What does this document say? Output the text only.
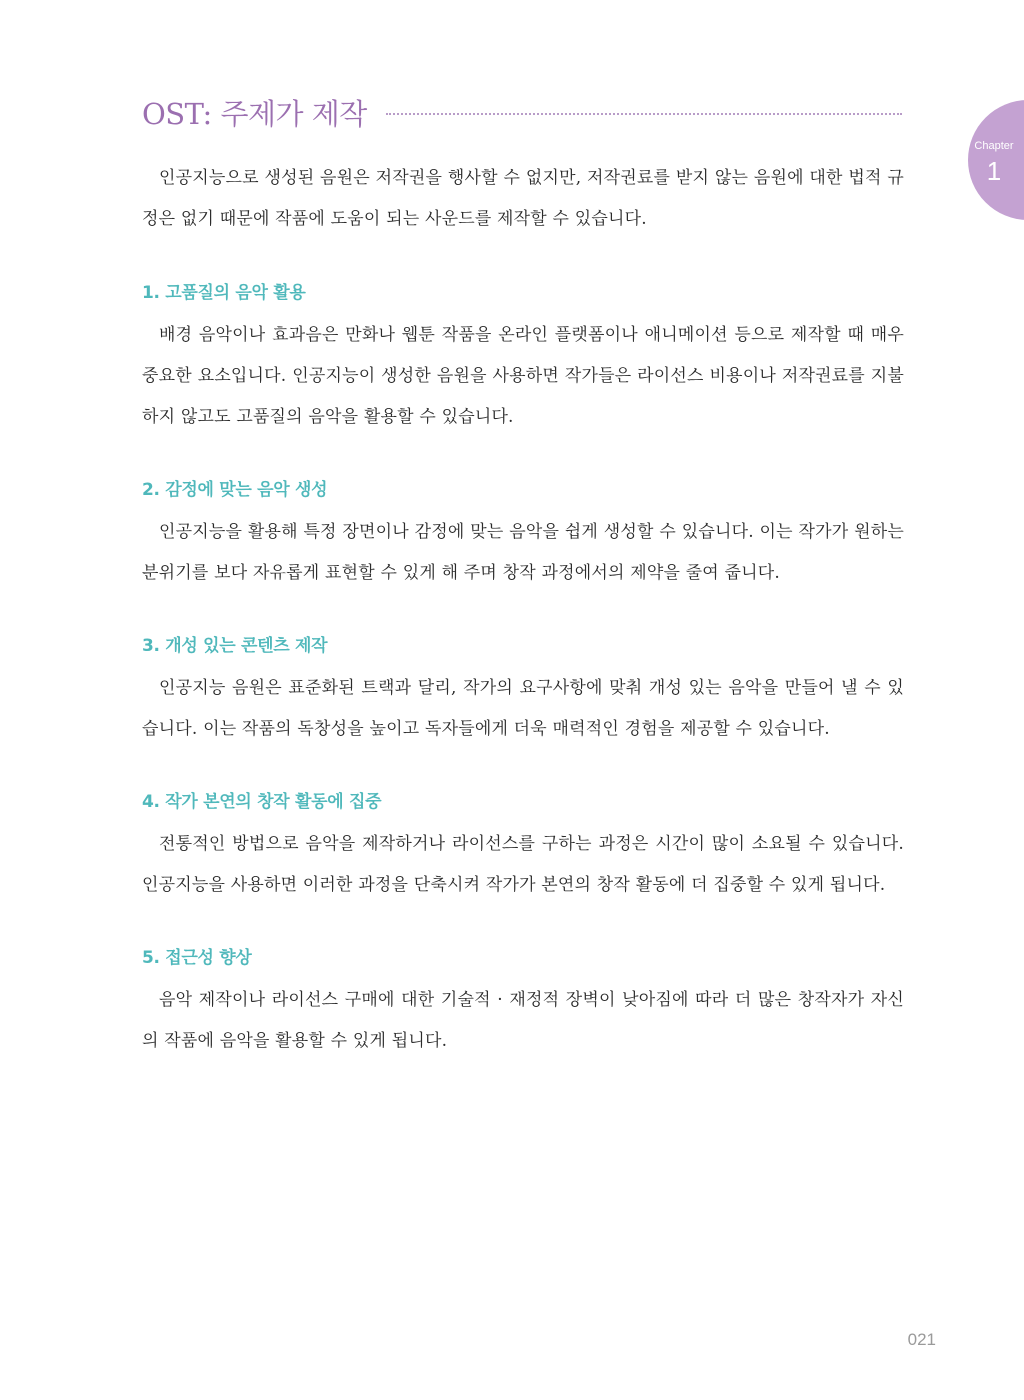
OST: 주제가 제작
Chapter
1

인공지능으로 생성된 음원은 저작권을 행사할 수 없지만, 저작권료를 받지 않는 음원에 대한 법적 규정은 없기 때문에 작품에 도움이 되는 사운드를 제작할 수 있습니다.

1. 고품질의 음악 활용

배경 음악이나 효과음은 만화나 웹툰 작품을 온라인 플랫폼이나 애니메이션 등으로 제작할 때 매우 중요한 요소입니다. 인공지능이 생성한 음원을 사용하면 작가들은 라이선스 비용이나 저작권료를 지불하지 않고도 고품질의 음악을 활용할 수 있습니다.

2. 감정에 맞는 음악 생성

인공지능을 활용해 특정 장면이나 감정에 맞는 음악을 쉽게 생성할 수 있습니다. 이는 작가가 원하는 분위기를 보다 자유롭게 표현할 수 있게 해 주며 창작 과정에서의 제약을 줄여 줍니다.

3. 개성 있는 콘텐츠 제작

인공지능 음원은 표준화된 트랙과 달리, 작가의 요구사항에 맞춰 개성 있는 음악을 만들어 낼 수 있습니다. 이는 작품의 독창성을 높이고 독자들에게 더욱 매력적인 경험을 제공할 수 있습니다.

4. 작가 본연의 창작 활동에 집중

전통적인 방법으로 음악을 제작하거나 라이선스를 구하는 과정은 시간이 많이 소요될 수 있습니다. 인공지능을 사용하면 이러한 과정을 단축시켜 작가가 본연의 창작 활동에 더 집중할 수 있게 됩니다.

5. 접근성 향상

음악 제작이나 라이선스 구매에 대한 기술적 · 재정적 장벽이 낮아짐에 따라 더 많은 창작자가 자신의 작품에 음악을 활용할 수 있게 됩니다.

021
